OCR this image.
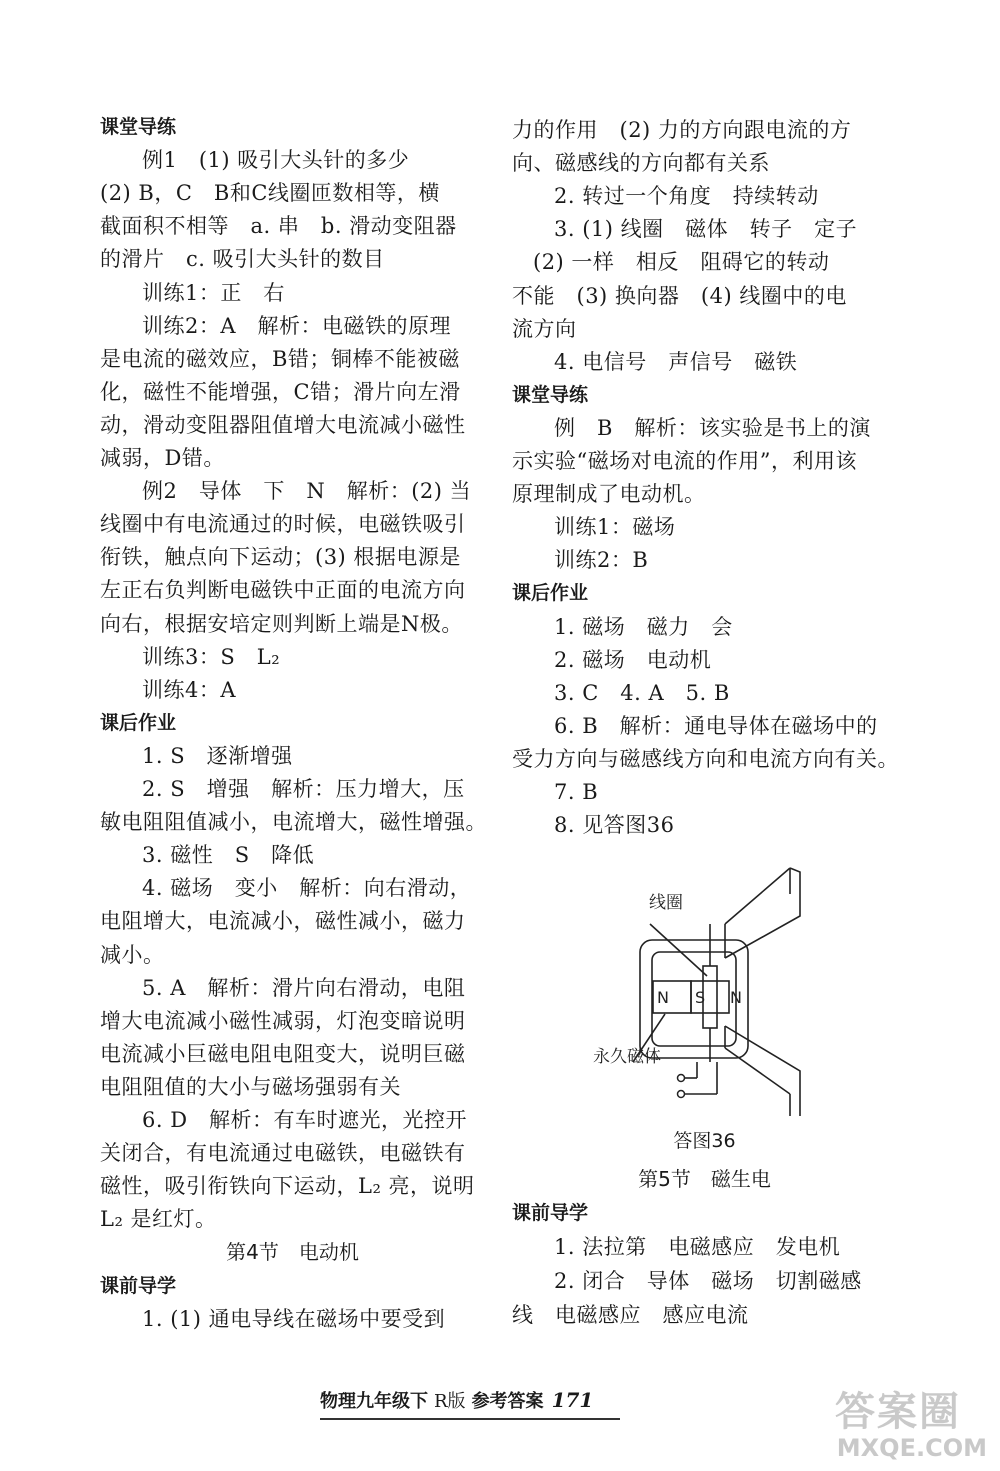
课堂导练
例1　(1) 吸引大头针的多少
(2) B，C　B和C线圈匝数相等，横
截面积不相等　a. 串　b. 滑动变阻器
的滑片　c. 吸引大头针的数目
训练1：正　右
训练2：A　解析：电磁铁的原理
是电流的磁效应，B错；铜棒不能被磁
化，磁性不能增强，C错；滑片向左滑
动，滑动变阻器阻值增大电流减小磁性
减弱，D错。
例2　导体　下　N　解析：(2) 当
线圈中有电流通过的时候，电磁铁吸引
衔铁，触点向下运动；(3) 根据电源是
左正右负判断电磁铁中正面的电流方向
向右，根据安培定则判断上端是N极。
训练3：S　L₂
训练4：A
课后作业
1. S　逐渐增强
2. S　增强　解析：压力增大，压
敏电阻阻值减小，电流增大，磁性增强。
3. 磁性　S　降低
4. 磁场　变小　解析：向右滑动，
电阻增大，电流减小，磁性减小，磁力
减小。
5. A　解析：滑片向右滑动，电阻
增大电流减小磁性减弱，灯泡变暗说明
电流减小巨磁电阻电阻变大，说明巨磁
电阻阻值的大小与磁场强弱有关
6. D　解析：有车时遮光，光控开
关闭合，有电流通过电磁铁，电磁铁有
磁性，吸引衔铁向下运动，L₂ 亮，说明
L₂ 是红灯。
第4节　电动机
课前导学
1. (1) 通电导线在磁场中要受到
力的作用　(2) 力的方向跟电流的方
向、磁感线的方向都有关系
2. 转过一个角度　持续转动
3. (1) 线圈　磁体　转子　定子
(2) 一样　相反　阻碍它的转动
不能　(3) 换向器　(4) 线圈中的电
流方向
4. 电信号　声信号　磁铁
课堂导练
例　B　解析：该实验是书上的演
示实验“磁场对电流的作用”，利用该
原理制成了电动机。
训练1：磁场
训练2：B
课后作业
1. 磁场　磁力　会
2. 磁场　电动机
3. C　4. A　5. B
6. B　解析：通电导体在磁场中的
受力方向与磁感线方向和电流方向有关。
7. B
8. 见答图36
第5节　磁生电
课前导学
1. 法拉第　电磁感应　发电机
2. 闭合　导体　磁场　切割磁感
线　电磁感应　感应电流
N S N
线圈
永久磁体
答图36
物理九年级下 R版 参考答案 171	答案圈
MXQE.COM
